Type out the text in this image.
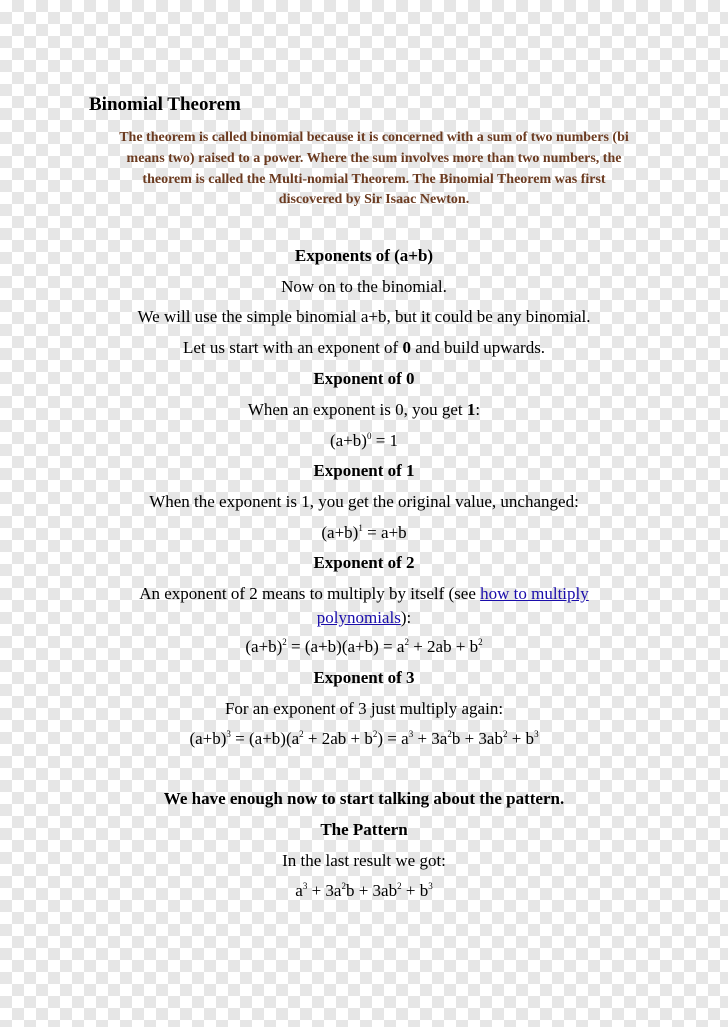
Binomial Theorem

The theorem is called binomial because it is concerned with a sum of two numbers (bi means two) raised to a power. Where the sum involves more than two numbers, the theorem is called the Multi-nomial Theorem. The Binomial Theorem was first discovered by Sir Isaac Newton.

Exponents of (a+b)

Now on to the binomial.

We will use the simple binomial a+b, but it could be any binomial.

Let us start with an exponent of 0 and build upwards.

Exponent of 0

When an exponent is 0, you get 1:

$(a+b)^0 = 1$

Exponent of 1

When the exponent is 1, you get the original value, unchanged:

$(a+b)^1 = a+b$

Exponent of 2

An exponent of 2 means to multiply by itself (see how to multiply

polynomials):

$(a+b)^2 = (a+b)(a+b) = a^2 + 2ab + b^2$

Exponent of 3

For an exponent of 3 just multiply again:

$(a+b)^3 = (a+b)(a^2 + 2ab + b^2) = a^3 + 3a^2b + 3ab^2 + b^3$

We have enough now to start talking about the pattern.

The Pattern

In the last result we got:

$a^3 + 3a^2b + 3ab^2 + b^3$
